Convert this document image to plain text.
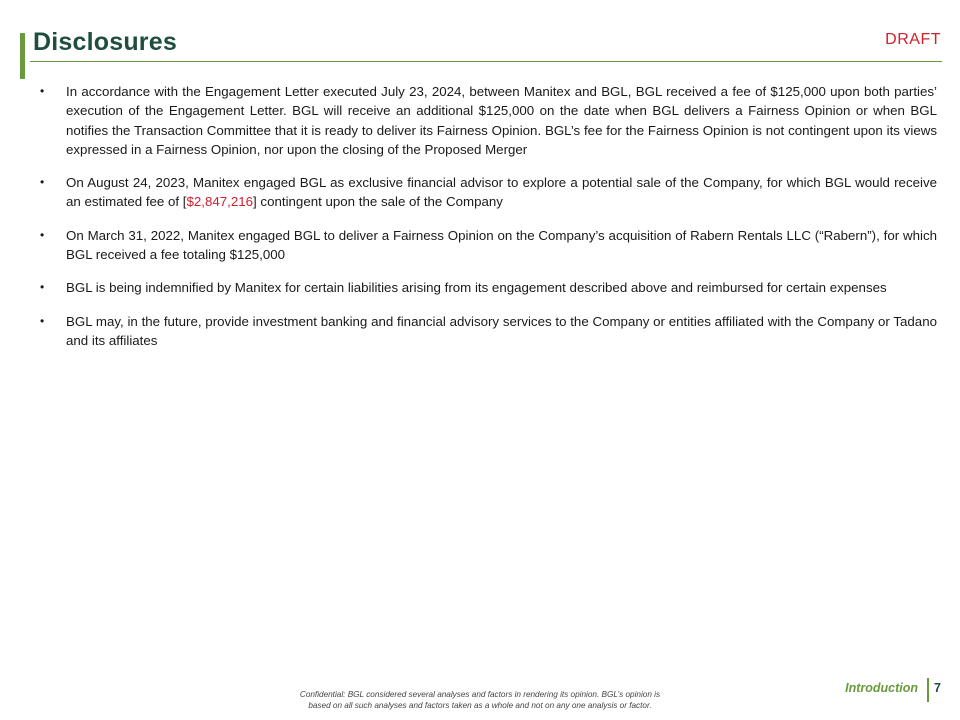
Disclosures	DRAFT
• In accordance with the Engagement Letter executed July 23, 2024, between Manitex and BGL, BGL received a fee of $125,000 upon both parties’ execution of the Engagement Letter. BGL will receive an additional $125,000 on the date when BGL delivers a Fairness Opinion or when BGL notifies the Transaction Committee that it is ready to deliver its Fairness Opinion. BGL’s fee for the Fairness Opinion is not contingent upon its views expressed in a Fairness Opinion, nor upon the closing of the Proposed Merger
• On August 24, 2023, Manitex engaged BGL as exclusive financial advisor to explore a potential sale of the Company, for which BGL would receive an estimated fee of [$2,847,216] contingent upon the sale of the Company
• On March 31, 2022, Manitex engaged BGL to deliver a Fairness Opinion on the Company’s acquisition of Rabern Rentals LLC (“Rabern”), for which BGL received a fee totaling $125,000
• BGL is being indemnified by Manitex for certain liabilities arising from its engagement described above and reimbursed for certain expenses
• BGL may, in the future, provide investment banking and financial advisory services to the Company or entities affiliated with the Company or Tadano and its affiliates
Confidential: BGL considered several analyses and factors in rendering its opinion. BGL’s opinion is
based on all such analyses and factors taken as a whole and not on any one analysis or factor.
Introduction 7
